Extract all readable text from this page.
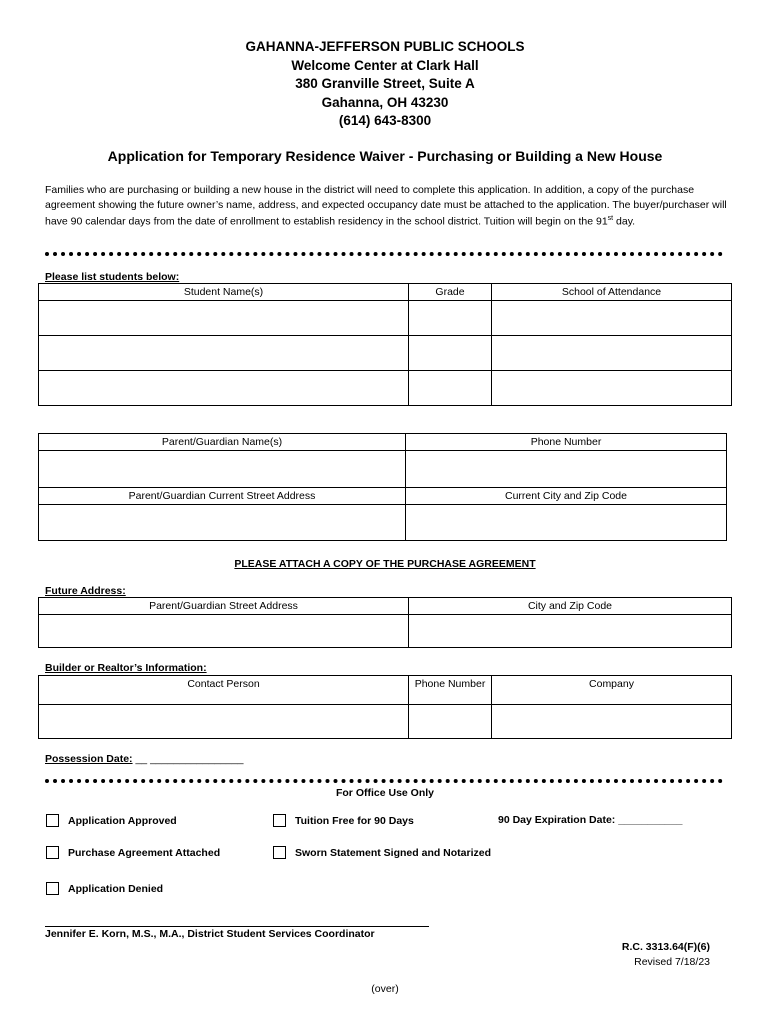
GAHANNA-JEFFERSON PUBLIC SCHOOLS
Welcome Center at Clark Hall
380 Granville Street, Suite A
Gahanna, OH 43230
(614) 643-8300
Application for Temporary Residence Waiver - Purchasing or Building a New House
Families who are purchasing or building a new house in the district will need to complete this application. In addition, a copy of the purchase agreement showing the future owner’s name, address, and expected occupancy date must be attached to the application. The buyer/purchaser will have 90 calendar days from the date of enrollment to establish residency in the school district. Tuition will begin on the 91st day.
Please list students below:
Student Name(s)	Grade	School of Attendance

Parent/Guardian Name(s)	Phone Number

Parent/Guardian Current Street Address	Current City and Zip Code

PLEASE ATTACH A COPY OF THE PURCHASE AGREEMENT
Future Address:
Parent/Guardian Street Address	City and Zip Code

Builder or Realtor’s Information:
Contact Person	Phone Number	Company

Possession Date: __ ________________
For Office Use Only
Application Approved	Tuition Free for 90 Days	90 Day Expiration Date: ___________
Purchase Agreement Attached	Sworn Statement Signed and Notarized
Application Denied
Jennifer E. Korn, M.S., M.A., District Student Services Coordinator
R.C. 3313.64(F)(6)
Revised 7/18/23
(over)
